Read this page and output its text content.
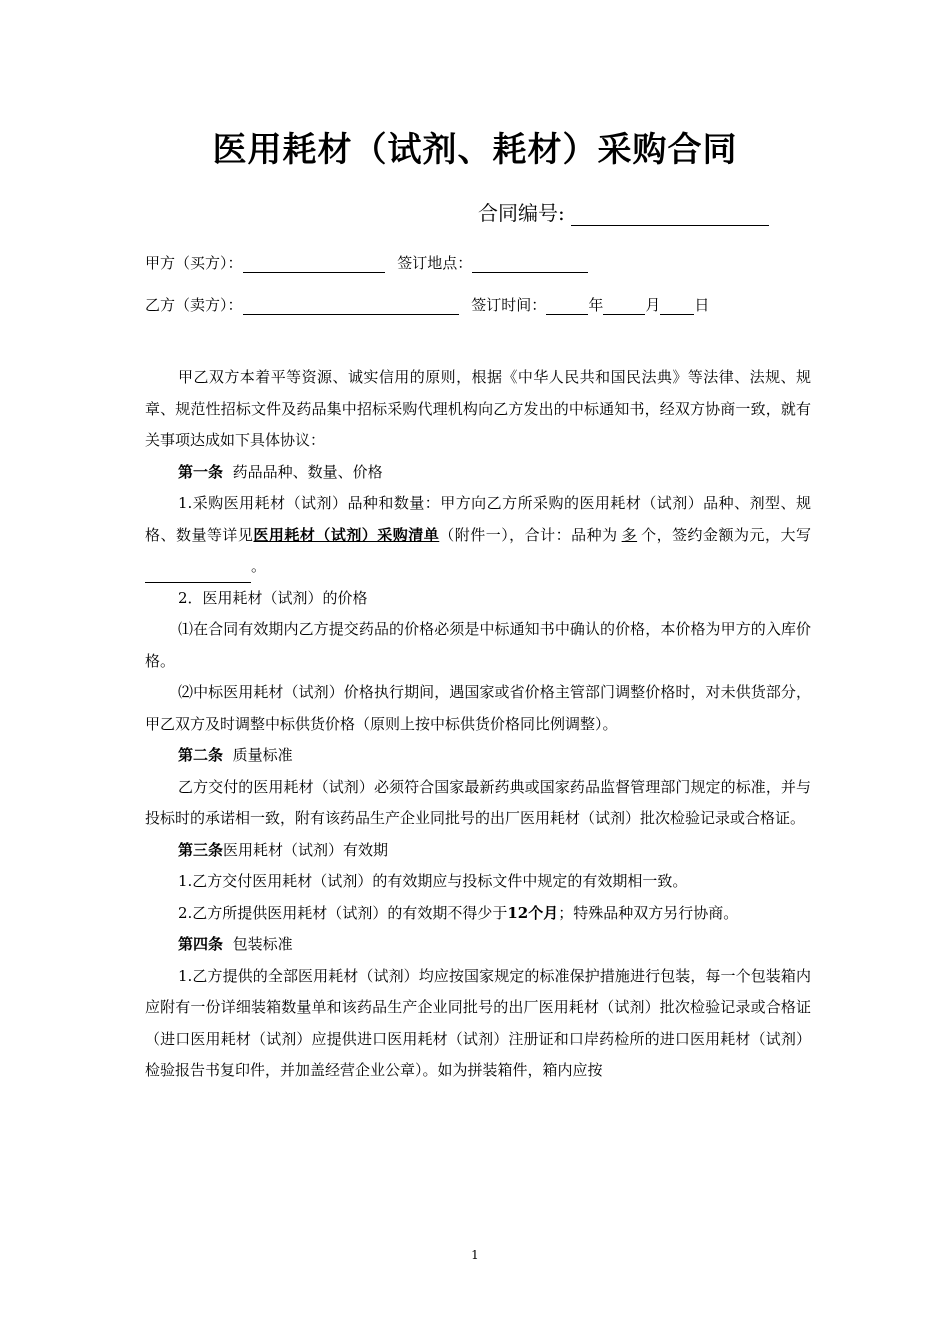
医用耗材（试剂、耗材）采购合同
合同编号:
甲方（买方）：	签订地点：
乙方（卖方）：	签订时间：	年	月 日
甲乙双方本着平等资源、诚实信用的原则，根据《中华人民共和国民法典》等法律、法规、规章、规范性招标文件及药品集中招标采购代理机构向乙方发出的中标通知书，经双方协商一致，就有关事项达成如下具体协议：
第一条 药品品种、数量、价格
1.采购医用耗材（试剂）品种和数量：甲方向乙方所采购的医用耗材（试剂）品种、剂型、规格、数量等详见医用耗材（试剂）采购清单（附件一），合计：品种为 多 个，签约金额为元，大写。
2．医用耗材（试剂）的价格
⑴在合同有效期内乙方提交药品的价格必须是中标通知书中确认的价格，本价格为甲方的入库价格。
⑵中标医用耗材（试剂）价格执行期间，遇国家或省价格主管部门调整价格时，对未供货部分，甲乙双方及时调整中标供货价格（原则上按中标供货价格同比例调整）。
第二条 质量标准
乙方交付的医用耗材（试剂）必须符合国家最新药典或国家药品监督管理部门规定的标准，并与投标时的承诺相一致，附有该药品生产企业同批号的出厂医用耗材（试剂）批次检验记录或合格证。
第三条医用耗材（试剂）有效期
1.乙方交付医用耗材（试剂）的有效期应与投标文件中规定的有效期相一致。
2.乙方所提供医用耗材（试剂）的有效期不得少于12个月；特殊品种双方另行协商。
第四条 包装标准
1.乙方提供的全部医用耗材（试剂）均应按国家规定的标准保护措施进行包装，每一个包装箱内应附有一份详细装箱数量单和该药品生产企业同批号的出厂医用耗材（试剂）批次检验记录或合格证（进口医用耗材（试剂）应提供进口医用耗材（试剂）注册证和口岸药检所的进口医用耗材（试剂）检验报告书复印件，并加盖经营企业公章）。如为拼装箱件，箱内应按
1
